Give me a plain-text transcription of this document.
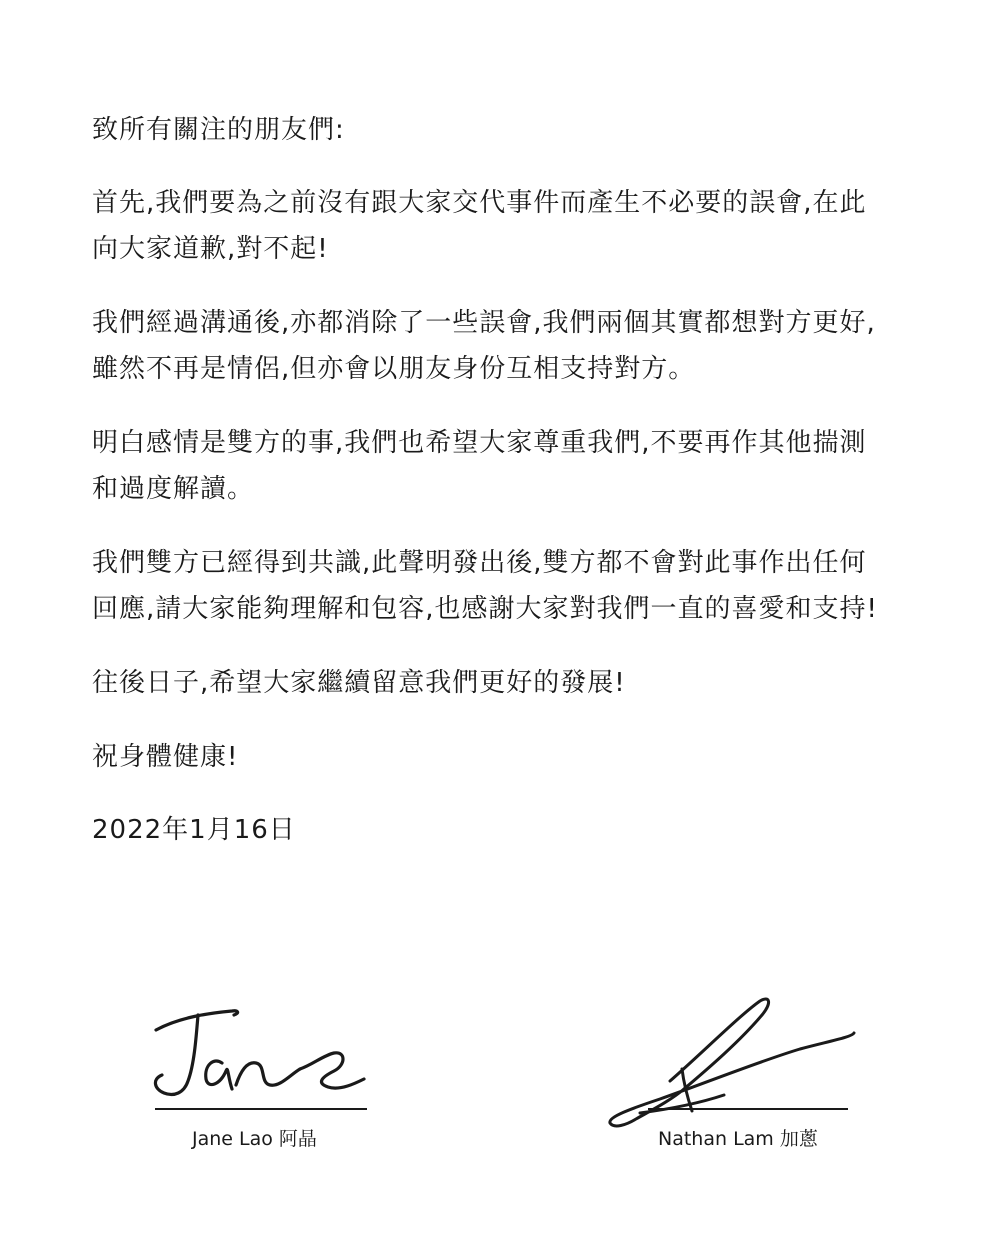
致所有關注的朋友們:

首先,我們要為之前沒有跟大家交代事件而產生不必要的誤會,在此
向大家道歉,對不起!

我們經過溝通後,亦都消除了一些誤會,我們兩個其實都想對方更好,
雖然不再是情侶,但亦會以朋友身份互相支持對方。

明白感情是雙方的事,我們也希望大家尊重我們,不要再作其他揣測
和過度解讀。

我們雙方已經得到共識,此聲明發出後,雙方都不會對此事作出任何
回應,請大家能夠理解和包容,也感謝大家對我們一直的喜愛和支持!

往後日子,希望大家繼續留意我們更好的發展!

祝身體健康!

2022年1月16日

Jane Lao 阿晶	Nathan Lam 加蔥
